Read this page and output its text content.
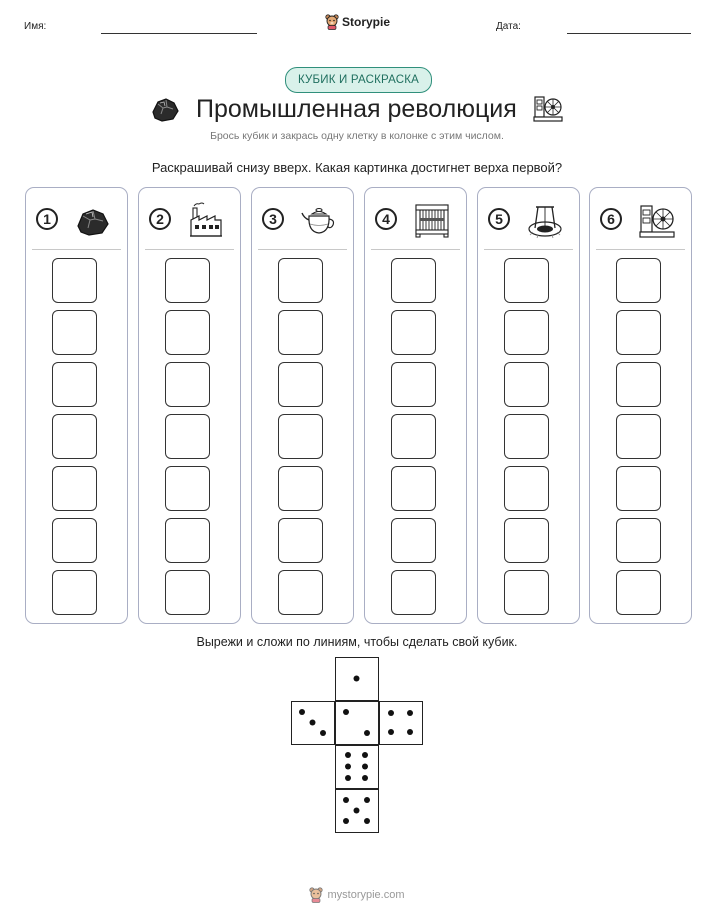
Имя:	Storypie	Дата:
КУБИК И РАСКРАСКА
Промышленная революция
Брось кубик и закрась одну клетку в колонке с этим числом.
Раскрашивай снизу вверх. Какая картинка достигнет верха первой?
1	2	3	4	5	6
Вырежи и сложи по линиям, чтобы сделать свой кубик.
mystorypie.com
